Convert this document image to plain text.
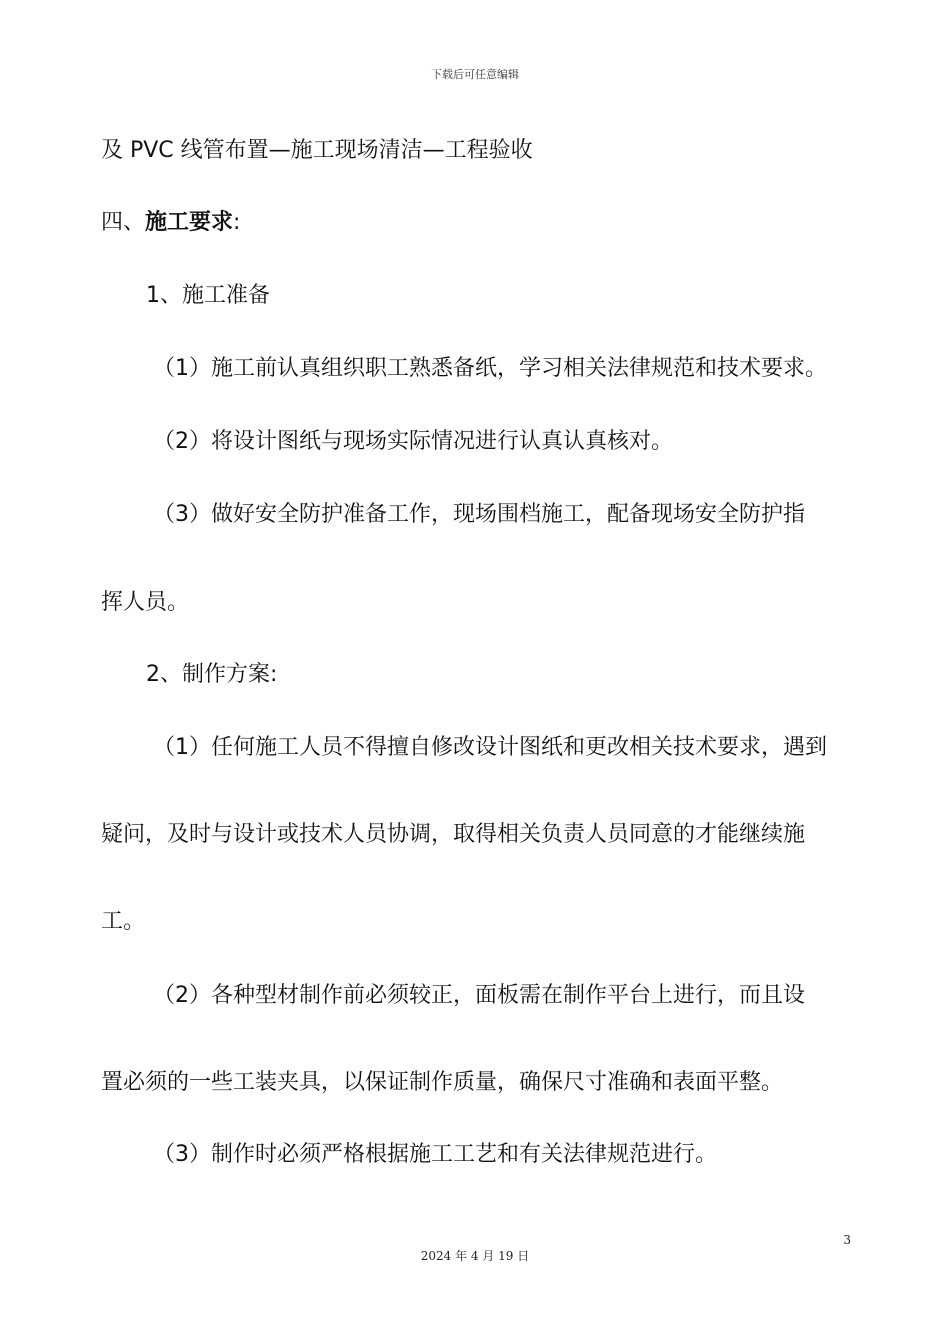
下载后可任意编辑
及 PVC 线管布置—施工现场清洁—工程验收
四、施工要求:
1、施工准备
（1）施工前认真组织职工熟悉备纸，学习相关法律规范和技术要求。
（2）将设计图纸与现场实际情况进行认真认真核对。
（3）做好安全防护准备工作，现场围档施工，配备现场安全防护指
挥人员。
2、制作方案:
（1）任何施工人员不得擅自修改设计图纸和更改相关技术要求，遇到
疑问，及时与设计或技术人员协调，取得相关负责人员同意的才能继续施
工。
（2）各种型材制作前必须较正，面板需在制作平台上进行，而且设
置必须的一些工装夹具，以保证制作质量，确保尺寸准确和表面平整。
（3）制作时必须严格根据施工工艺和有关法律规范进行。
3
2024 年 4 月 19 日
